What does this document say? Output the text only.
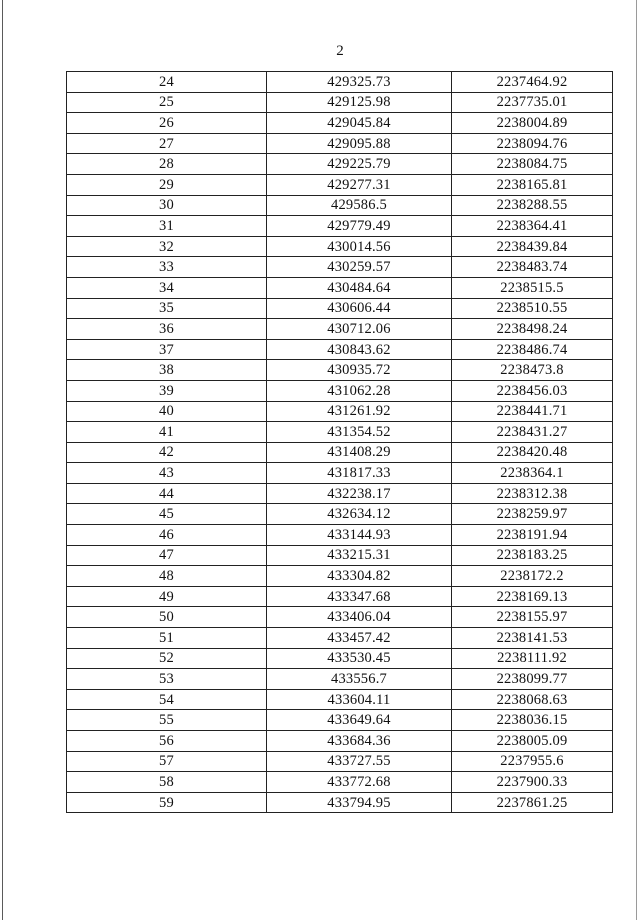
2
24	429325.73	2237464.92
25	429125.98	2237735.01
26	429045.84	2238004.89
27	429095.88	2238094.76
28	429225.79	2238084.75
29	429277.31	2238165.81
30	429586.5	2238288.55
31	429779.49	2238364.41
32	430014.56	2238439.84
33	430259.57	2238483.74
34	430484.64	2238515.5
35	430606.44	2238510.55
36	430712.06	2238498.24
37	430843.62	2238486.74
38	430935.72	2238473.8
39	431062.28	2238456.03
40	431261.92	2238441.71
41	431354.52	2238431.27
42	431408.29	2238420.48
43	431817.33	2238364.1
44	432238.17	2238312.38
45	432634.12	2238259.97
46	433144.93	2238191.94
47	433215.31	2238183.25
48	433304.82	2238172.2
49	433347.68	2238169.13
50	433406.04	2238155.97
51	433457.42	2238141.53
52	433530.45	2238111.92
53	433556.7	2238099.77
54	433604.11	2238068.63
55	433649.64	2238036.15
56	433684.36	2238005.09
57	433727.55	2237955.6
58	433772.68	2237900.33
59	433794.95	2237861.25
